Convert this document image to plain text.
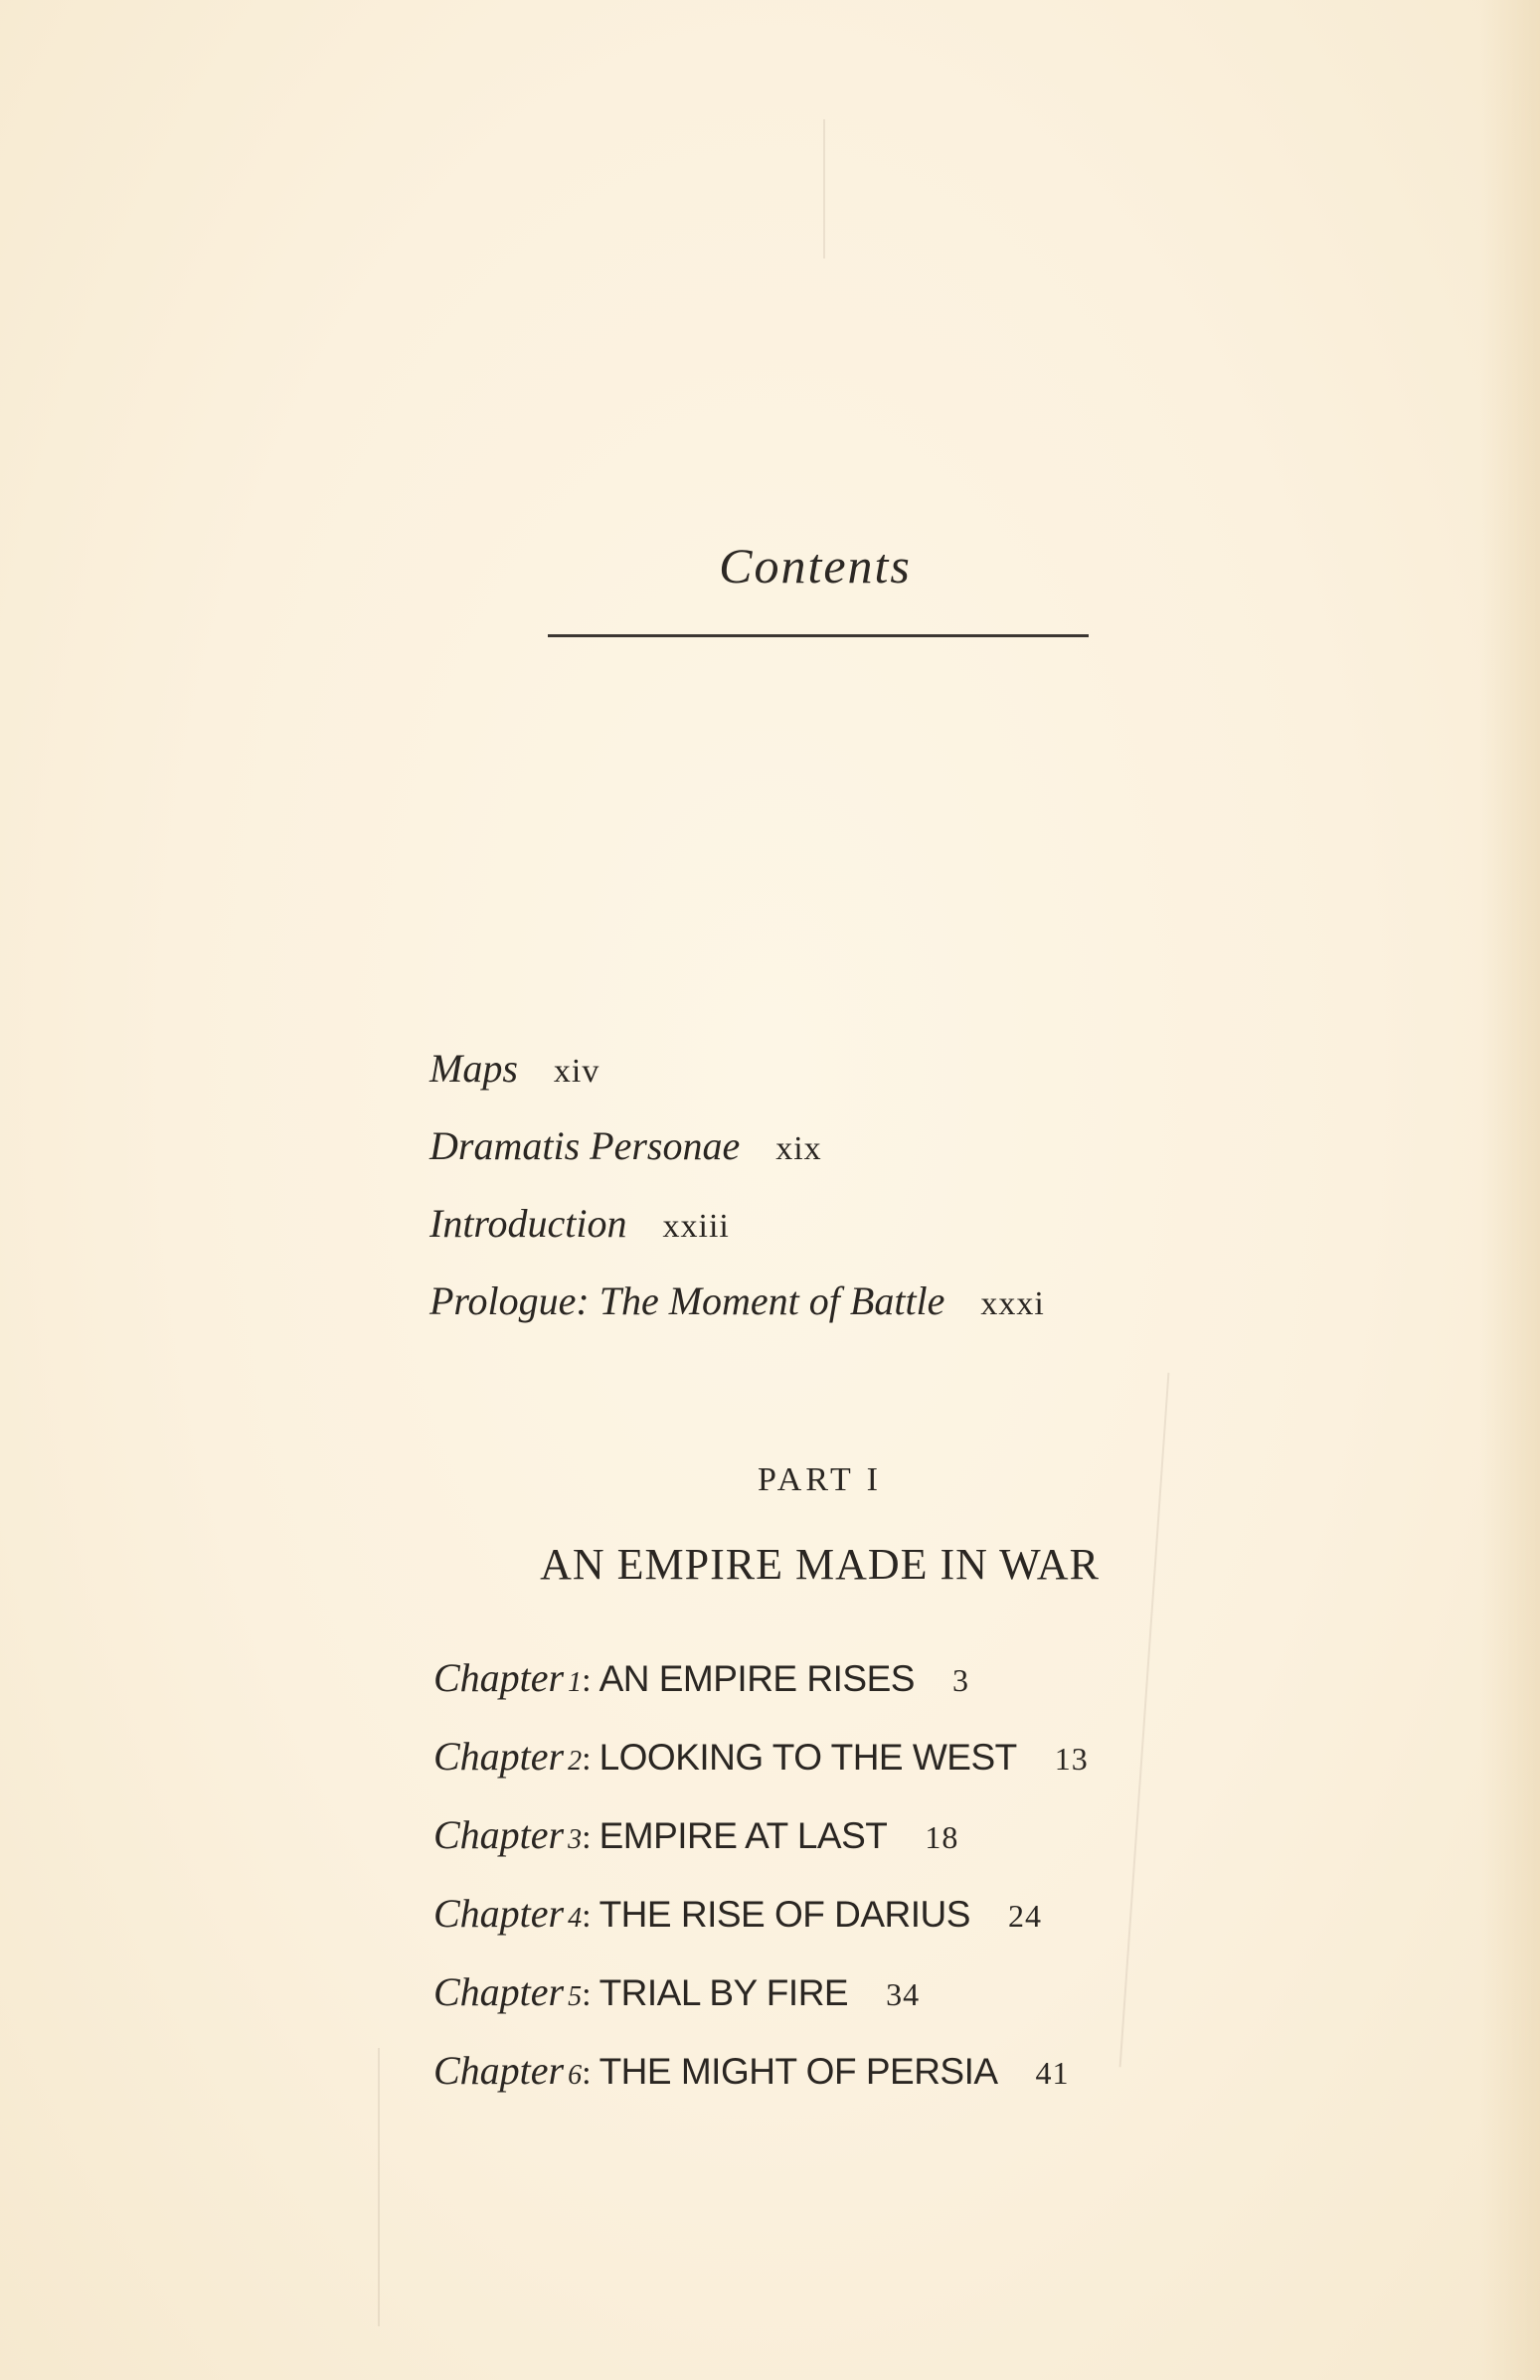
Contents
Maps xiv
Dramatis Personae xix
Introduction xxiii
Prologue: The Moment of Battle xxxi
PART I
AN EMPIRE MADE IN WAR
Chapter 1: AN EMPIRE RISES 3
Chapter 2: LOOKING TO THE WEST 13
Chapter 3: EMPIRE AT LAST 18
Chapter 4: THE RISE OF DARIUS 24
Chapter 5: TRIAL BY FIRE 34
Chapter 6: THE MIGHT OF PERSIA 41
